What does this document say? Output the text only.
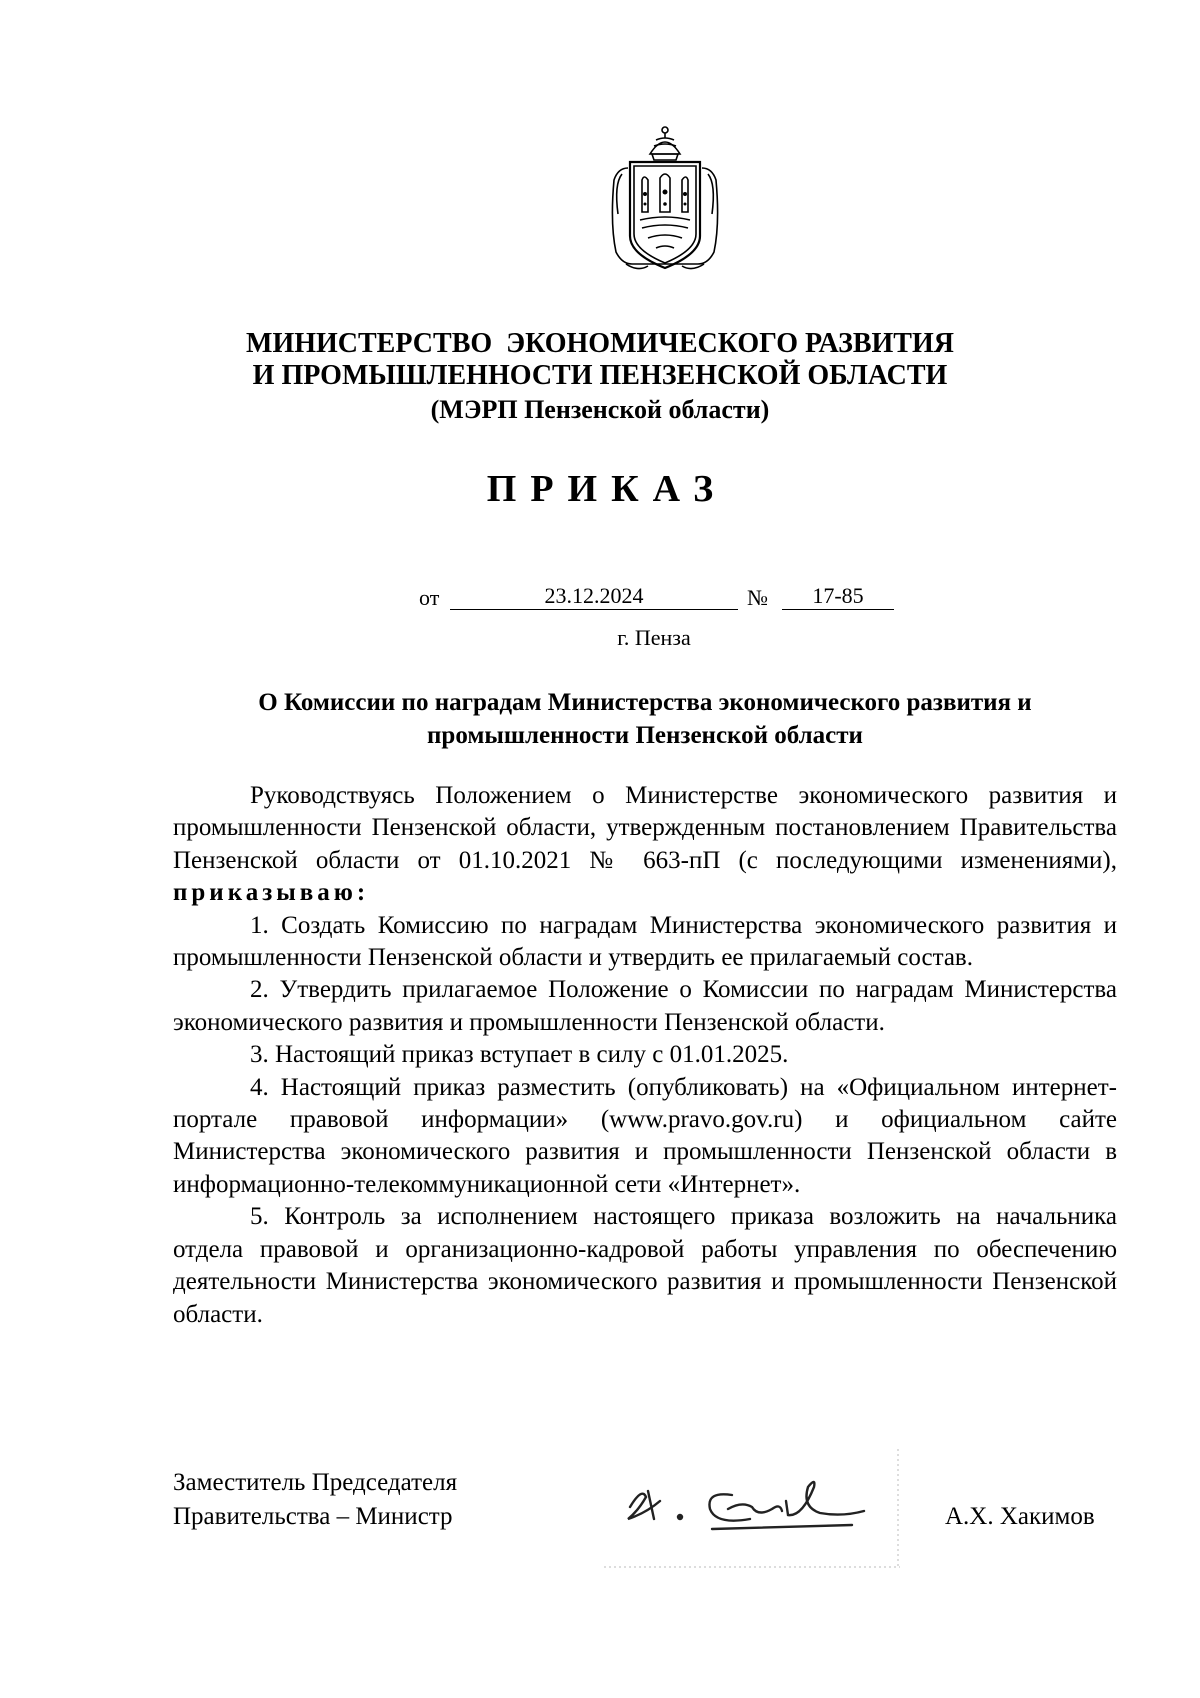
МИНИСТЕРСТВО  ЭКОНОМИЧЕСКОГО РАЗВИТИЯ
И ПРОМЫШЛЕННОСТИ ПЕНЗЕНСКОЙ ОБЛАСТИ
(МЭРП Пензенской области)
ПРИКАЗ
от	23.12.2024	№	17-85
г. Пенза
О Комиссии по наградам Министерства экономического развития и промышленности Пензенской области

Руководствуясь Положением о Министерстве экономического развития и промышленности Пензенской области, утвержденным постановлением Правительства Пензенской области от 01.10.2021 № 663-пП (с последующими изменениями), приказываю:

1. Создать Комиссию по наградам Министерства экономического развития и промышленности Пензенской области и утвердить ее прилагаемый состав.

2. Утвердить прилагаемое Положение о Комиссии по наградам Министерства экономического развития и промышленности Пензенской области.

3. Настоящий приказ вступает в силу с 01.01.2025.

4. Настоящий приказ разместить (опубликовать) на «Официальном интернет-портале правовой информации» (www.pravo.gov.ru) и официальном сайте Министерства экономического развития и промышленности Пензенской области в информационно-телекоммуникационной сети «Интернет».

5. Контроль за исполнением настоящего приказа возложить на начальника отдела правовой и организационно-кадровой работы управления по обеспечению деятельности Министерства экономического развития и промышленности Пензенской области.

Заместитель Председателя
Правительства – Министр	А.Х. Хакимов
